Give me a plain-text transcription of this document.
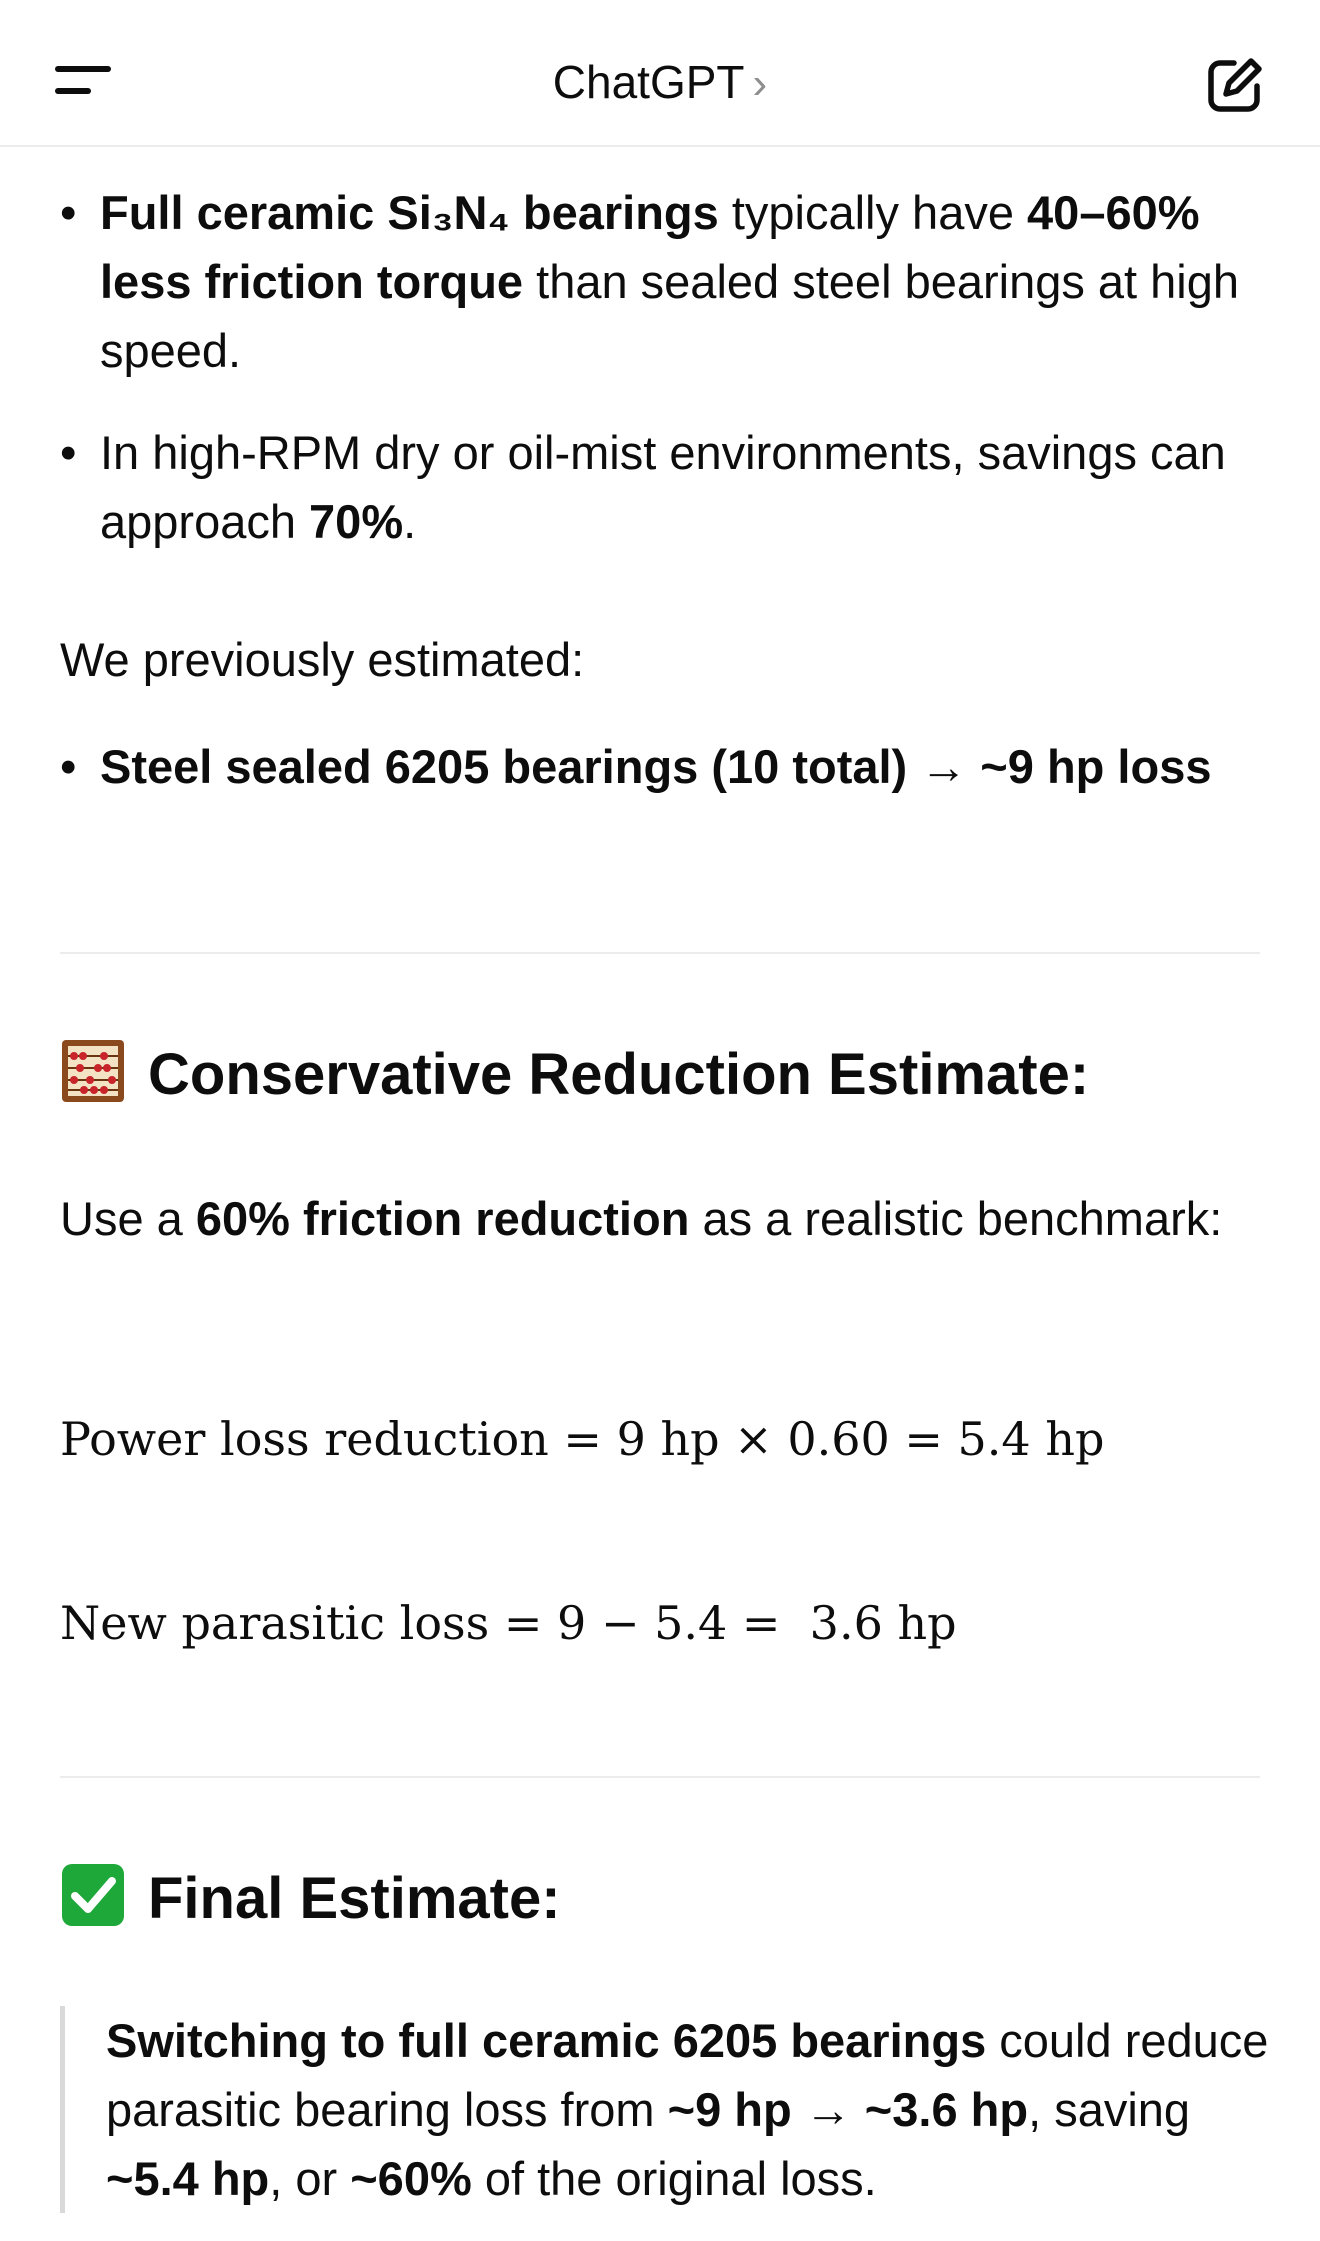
ChatGPT ›
• Full ceramic Si₃N₄ bearings typically have 40–60% less friction torque than sealed steel bearings at high speed.
• In high-RPM dry or oil-mist environments, savings can approach 70%.
We previously estimated:
• Steel sealed 6205 bearings (10 total) → ~9 hp loss
Conservative Reduction Estimate:
Use a 60% friction reduction as a realistic benchmark:
Power loss reduction = 9 hp × 0.60 = 5.4 hp
New parasitic loss = 9 − 5.4 =  3.6 hp
Final Estimate:
Switching to full ceramic 6205 bearings could reduce parasitic bearing loss from ~9 hp → ~3.6 hp, saving ~5.4 hp, or ~60% of the original loss.
